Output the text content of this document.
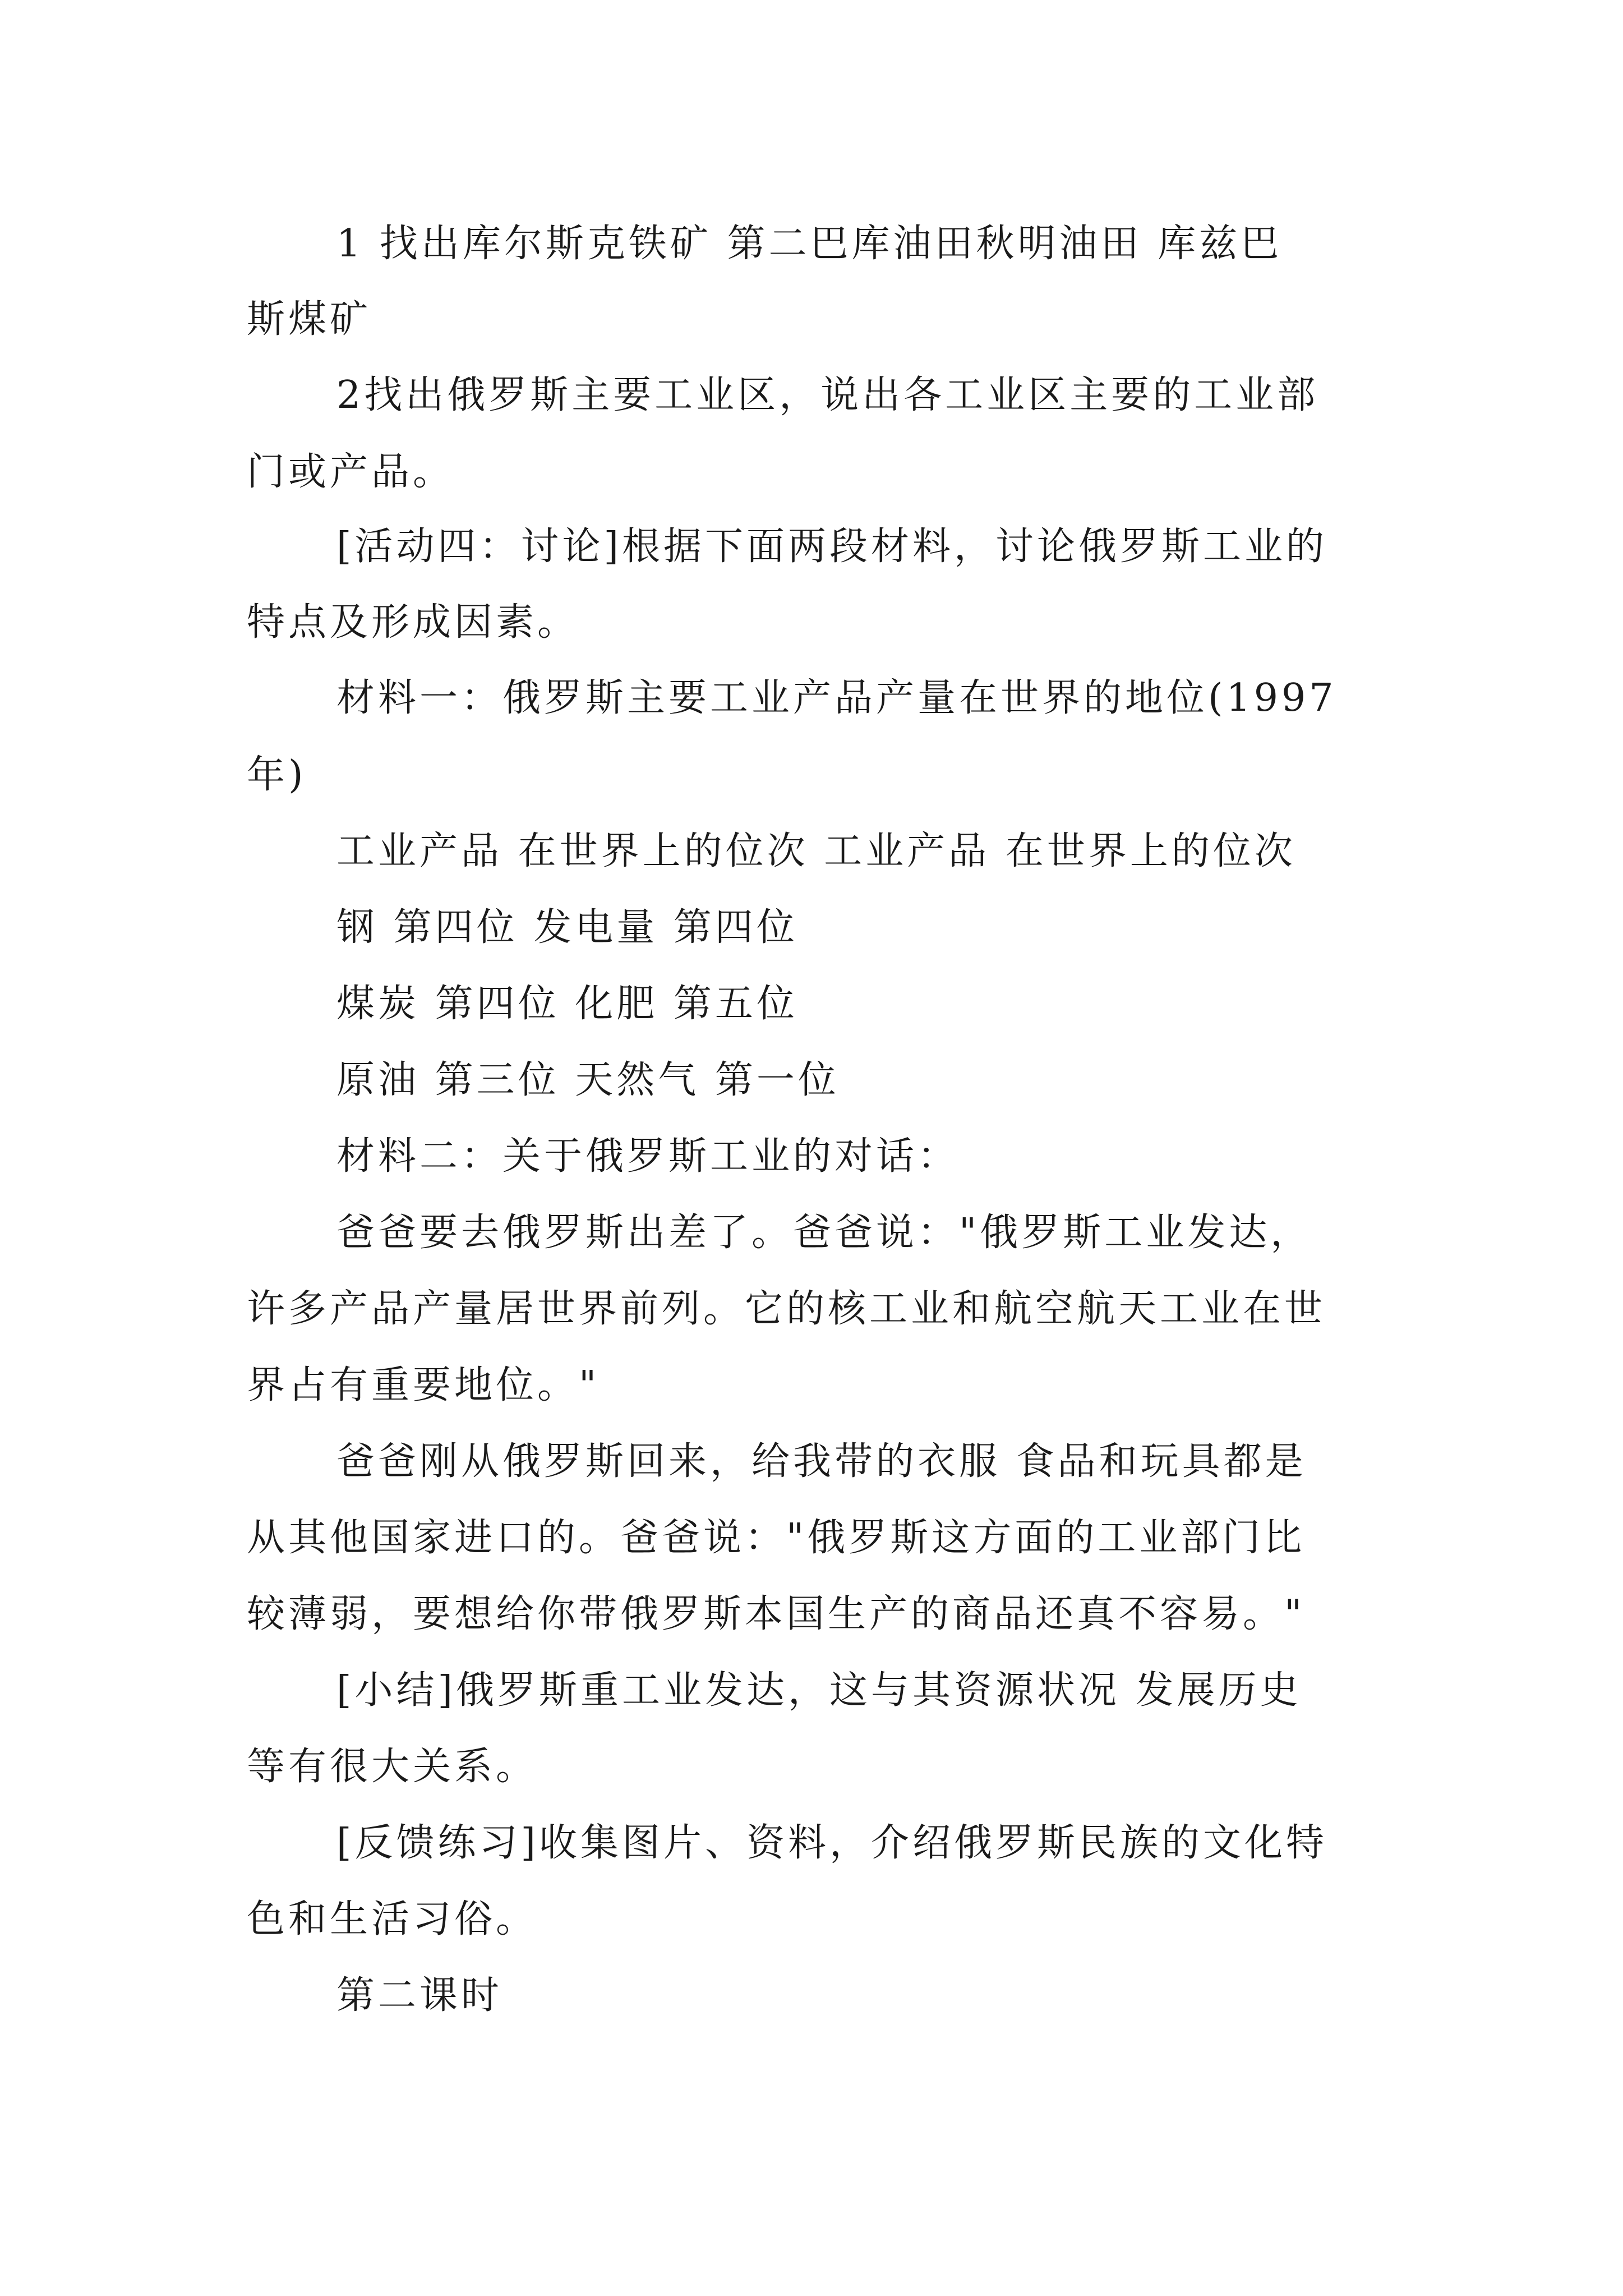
1 找出库尔斯克铁矿 第二巴库油田秋明油田 库兹巴
斯煤矿
2找出俄罗斯主要工业区，说出各工业区主要的工业部
门或产品。
[活动四：讨论]根据下面两段材料，讨论俄罗斯工业的
特点及形成因素。
材料一：俄罗斯主要工业产品产量在世界的地位(1997
年)
工业产品 在世界上的位次 工业产品 在世界上的位次
钢 第四位 发电量 第四位
煤炭 第四位 化肥 第五位
原油 第三位 天然气 第一位
材料二：关于俄罗斯工业的对话：
爸爸要去俄罗斯出差了。爸爸说："俄罗斯工业发达，
许多产品产量居世界前列。它的核工业和航空航天工业在世
界占有重要地位。"
爸爸刚从俄罗斯回来，给我带的衣服 食品和玩具都是
从其他国家进口的。爸爸说："俄罗斯这方面的工业部门比
较薄弱，要想给你带俄罗斯本国生产的商品还真不容易。"
[小结]俄罗斯重工业发达，这与其资源状况 发展历史
等有很大关系。
[反馈练习]收集图片、资料，介绍俄罗斯民族的文化特
色和生活习俗。
第二课时
